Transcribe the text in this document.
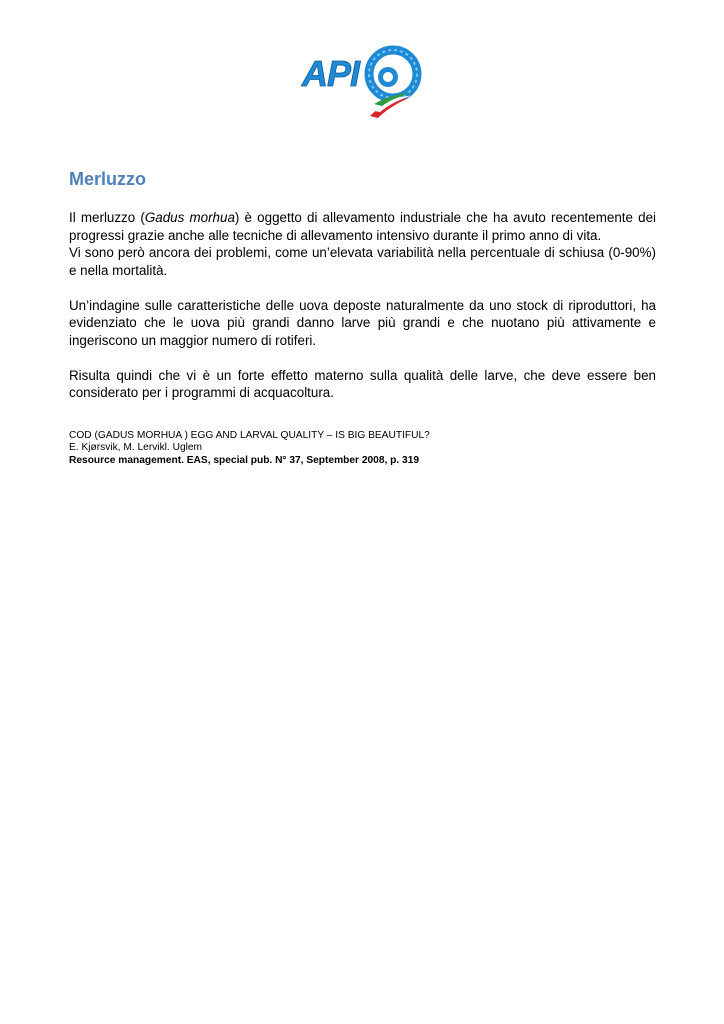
API
Merluzzo

Il merluzzo (Gadus morhua) è oggetto di allevamento industriale che ha avuto recentemente dei progressi grazie anche alle tecniche di allevamento intensivo durante il primo anno di vita.

Vi sono però ancora dei problemi, come un’elevata variabilità nella percentuale di schiusa (0-90%) e nella mortalità.

Un’indagine sulle caratteristiche delle uova deposte naturalmente da uno stock di riproduttori, ha evidenziato che le uova più grandi danno larve più grandi e che nuotano più attivamente e ingeriscono un maggior numero di rotiferi.

Risulta quindi che vi è un forte effetto materno sulla qualità delle larve, che deve essere ben considerato per i programmi di acquacoltura.

COD (GADUS MORHUA ) EGG AND LARVAL QUALITY – IS BIG BEAUTIFUL?
E. Kjørsvik, M. Lervikl. Uglem
Resource management. EAS, special pub. N° 37, September 2008, p. 319
